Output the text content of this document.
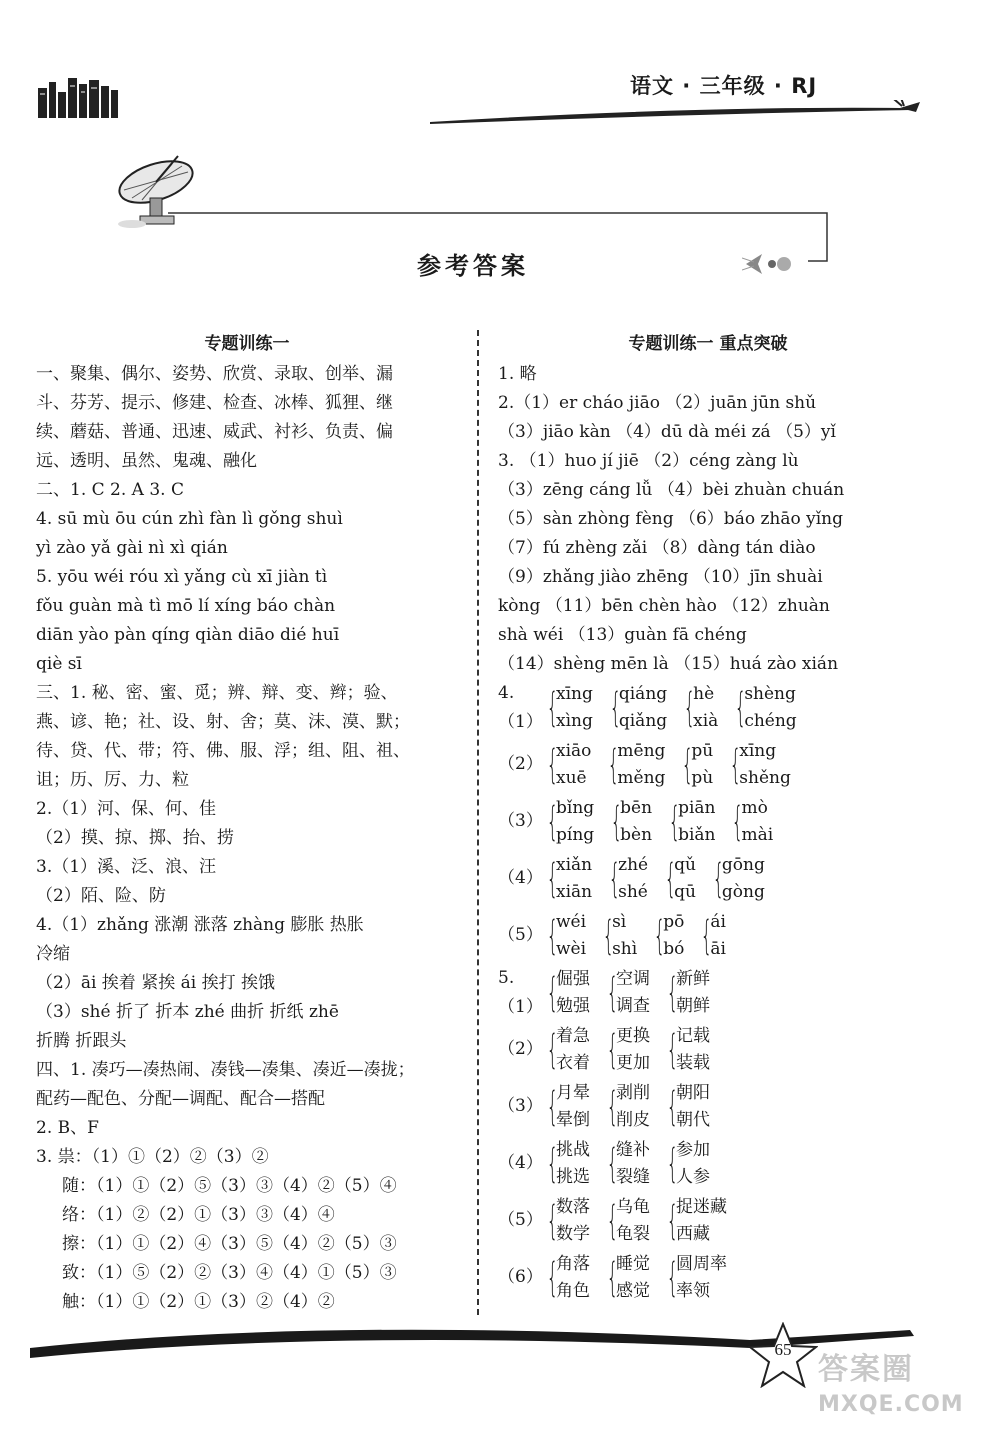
语文 · 三年级 · RJ
参考答案
专题训练一
一、聚集、偶尔、姿势、欣赏、录取、创举、漏
斗、芬芳、提示、修建、检查、冰棒、狐狸、继
续、蘑菇、普通、迅速、威武、衬衫、负责、偏
远、透明、虽然、鬼魂、融化
二、1. C 2. A 3. C
4. sū mù ōu cún zhì fàn lì gǒng shuì
yì zào yǎ gài nì xì qián
5. yōu wéi róu xì yǎng cù xī jiàn tì
fǒu guàn mà tì mō lí xíng báo chàn
diān yào pàn qíng qiàn diāo dié huī
qiè sī
三、1. 秘、密、蜜、觅；辨、辩、变、辫；验、
燕、谚、艳；社、设、射、舍；莫、沫、漠、默；
待、贷、代、带；符、佛、服、浮；组、阻、祖、
诅；历、厉、力、粒
2.（1）河、保、何、佳
（2）摸、掠、掷、抬、捞
3.（1）溪、泛、浪、汪
（2）陌、险、防
4.（1）zhǎng 涨潮 涨落 zhàng 膨胀 热胀
冷缩
（2）āi 挨着 紧挨 ái 挨打 挨饿
（3）shé 折了 折本 zhé 曲折 折纸 zhē
折腾 折跟头
四、1. 凑巧—凑热闹、凑钱—凑集、凑近—凑拢；
配药—配色、分配—调配、配合—搭配
2. B、F
3. 祟：（1）①（2）②（3）②
随：（1）①（2）⑤（3）③（4）②（5）④
络：（1）②（2）①（3）③（4）④
擦：（1）①（2）④（3）⑤（4）②（5）③
致：（1）⑤（2）②（3）④（4）①（5）③
触：（1）①（2）①（3）②（4）②
专题训练一 重点突破
1. 略
2.（1）er cháo jiāo （2）juān jūn shǔ
（3）jiāo kàn （4）dū dà méi zá （5）yǐ
3. （1）huo jí jiē （2）céng zàng lù
（3）zēng cáng lǚ （4）bèi zhuàn chuán
（5）sàn zhòng fèng （6）báo zhāo yǐng
（7）fú zhèng zǎi （8）dàng tán diào
（9）zhǎng jiào zhēng （10）jīn shuài
kòng （11）bēn chèn hào （12）zhuàn
shà wéi （13）guàn fā chéng
（14）shèng mēn là （15）huá zào xián
4.（1） {
xīng
xìng {
qiáng
qiǎng {
hè
xià {
shèng
chéng
（2） {
xiāo
xuē {
mēng
měng {
pū
pù {
xīng
shěng
（3） {
bǐng
píng {
bēn
bèn {
piān
biǎn {
mò
mài
（4） {
xiǎn
xiān {
zhé
shé {
qǔ
qū {
gōng
gòng
（5） {
wéi
wèi {
sì
shì {
pō
bó {
ái
āi
5.（1） {
倔强
勉强 {
空调
调查 {
新鲜
朝鲜
（2） {
着急
衣着 {
更换
更加 {
记载
装载
（3） {
月晕
晕倒 {
剥削
削皮 {
朝阳
朝代
（4） {
挑战
挑选 {
缝补
裂缝 {
参加
人参
（5） {
数落
数学 {
乌龟
龟裂 {
捉迷藏
西藏
（6） {
角落
角色 {
睡觉
感觉 {
圆周率
率领
65
答案圈
MXQE.COM
